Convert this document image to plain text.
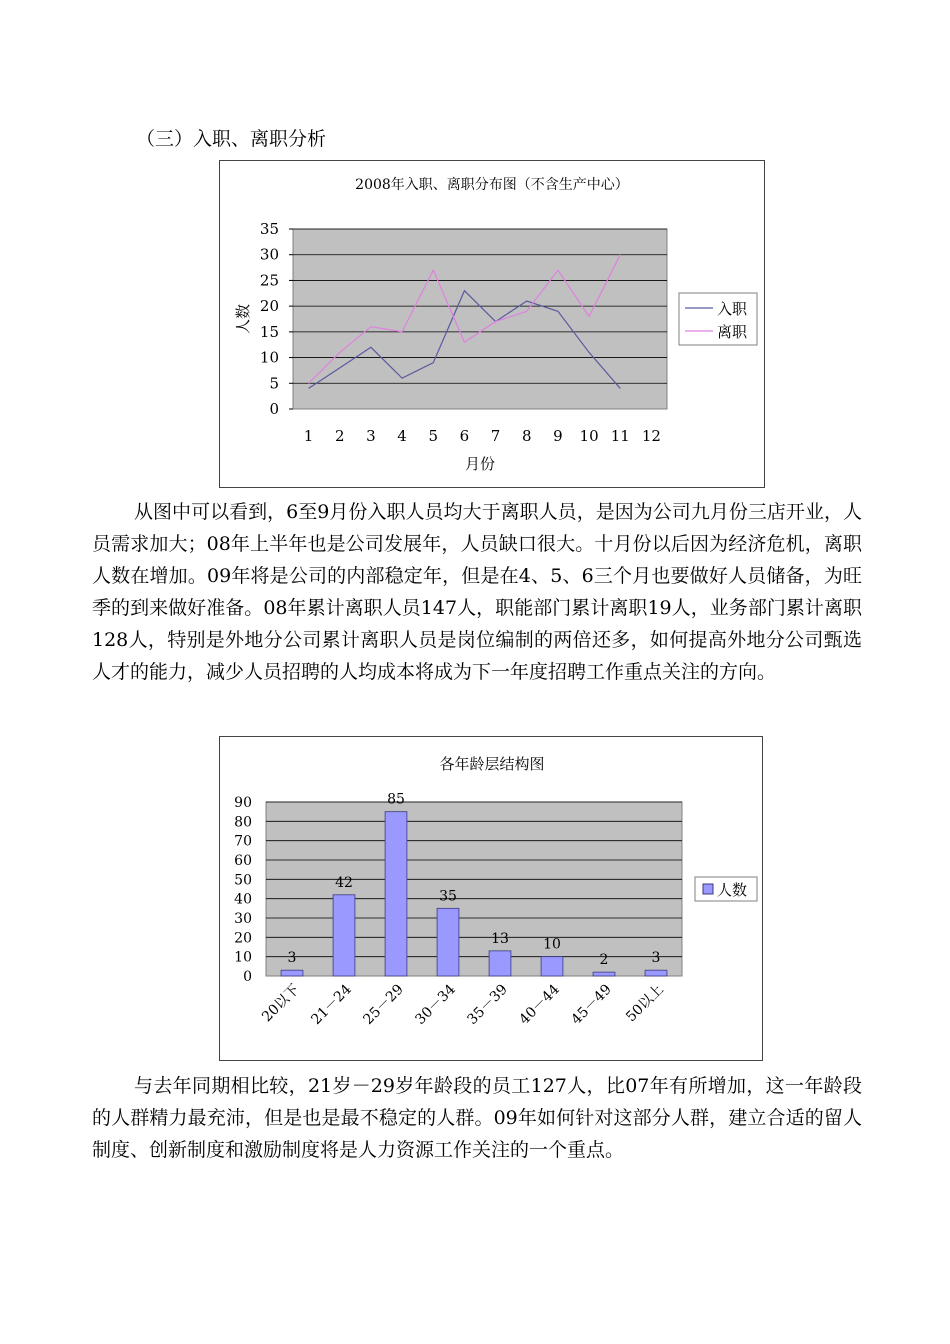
（三）入职、离职分析
2008年入职、离职分布图（不含生产中心）
0
5
10
15
20
25
30
35
1 2 3 4 5 6 7 8 9 10 11 12
月份
人数	入职
离职

从图中可以看到，6至9月份入职人员均大于离职人员，是因为公司九月份三店开业，人员需求加大；08年上半年也是公司发展年，人员缺口很大。十月份以后因为经济危机，离职人数在增加。09年将是公司的内部稳定年，但是在4、5、6三个月也要做好人员储备，为旺季的到来做好准备。08年累计离职人员147人，职能部门累计离职19人，业务部门累计离职128人，特别是外地分公司累计离职人员是岗位编制的两倍还多，如何提高外地分公司甄选人才的能力，减少人员招聘的人均成本将成为下一年度招聘工作重点关注的方向。

各年龄层结构图
0
10
20
30
40
50
60
70
80
90
3
42
85
35
13 10
2	3
20以下 21－24 25－29 30－34 35－39 40－44 45－49 50以上
人数

与去年同期相比较，21岁－29岁年龄段的员工127人，比07年有所增加，这一年龄段的人群精力最充沛，但是也是最不稳定的人群。09年如何针对这部分人群，建立合适的留人制度、创新制度和激励制度将是人力资源工作关注的一个重点。
